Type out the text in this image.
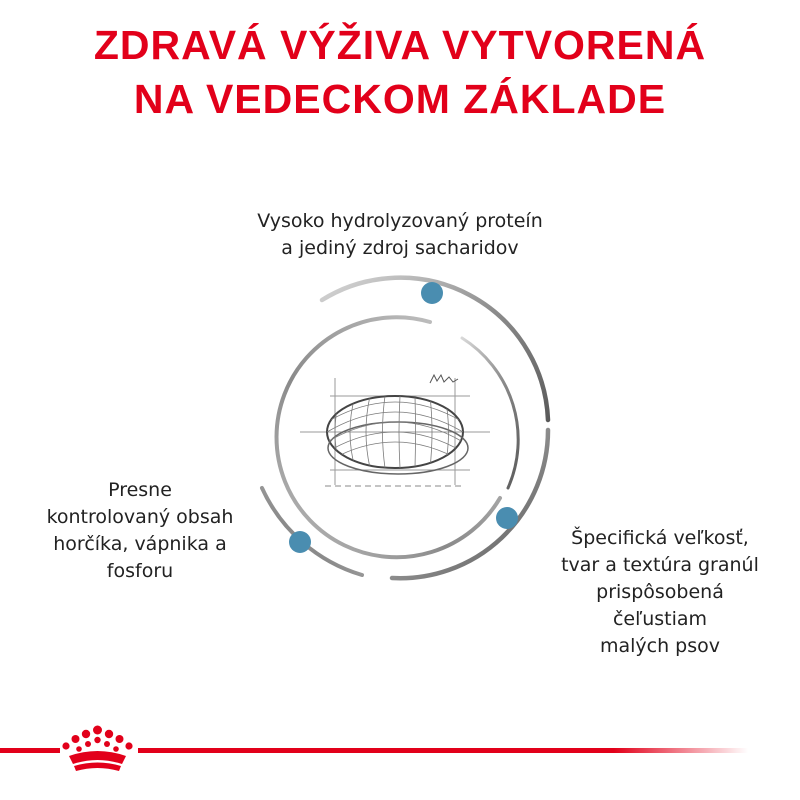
ZDRAVÁ VÝŽIVA VYTVORENÁ
NA VEDECKOM ZÁKLADE
Vysoko hydrolyzovaný proteín
a jediný zdroj sacharidov
Presne
kontrolovaný obsah
horčíka, vápnika a
fosforu
Špecifická veľkosť,
tvar a textúra granúl
prispôsobená
čeľustiam
malých psov
